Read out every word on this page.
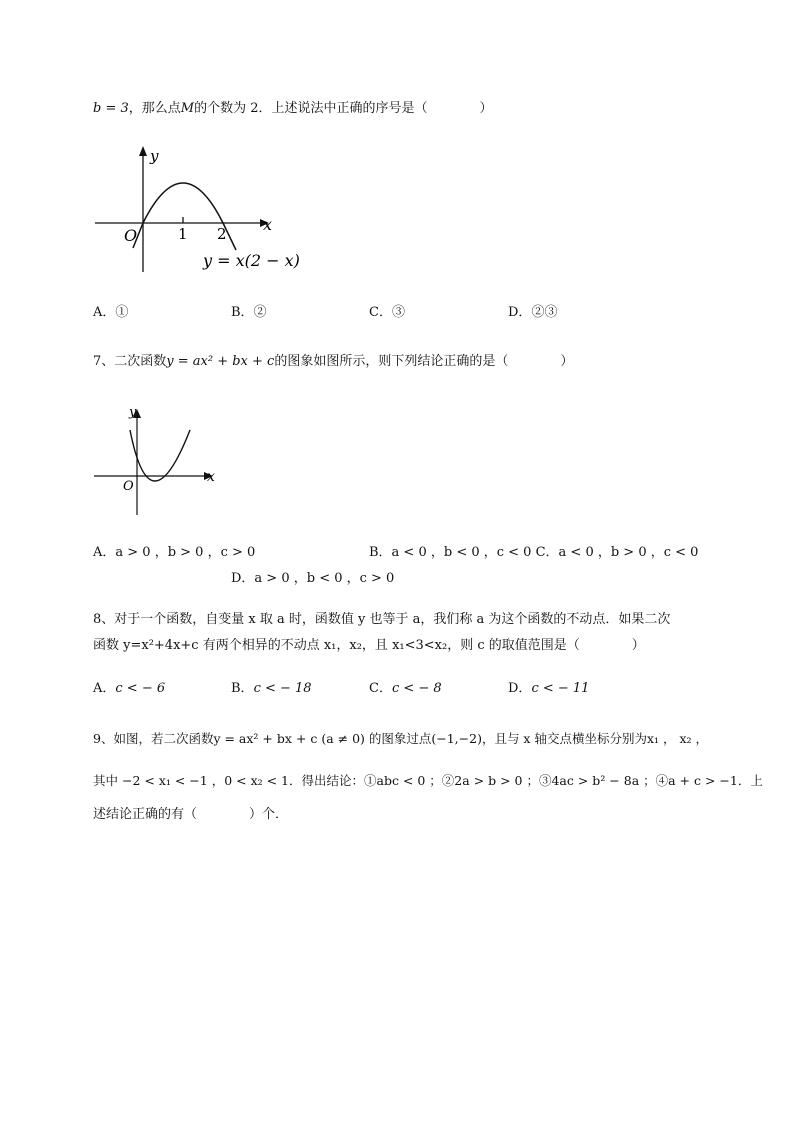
b = 3，那么点M的个数为 2．上述说法中正确的序号是（　　　　）
1 2
O
y
x
y = x(2 − x)
A．①	B．②	C．③	D．②③
7、二次函数y = ax² + bx + c的图象如图所示，则下列结论正确的是（　　　　）
y
x
O
A．a > 0 ，b > 0 ，c > 0	B．a < 0 ，b < 0 ，c < 0 C．a < 0 ，b > 0 ，c < 0
D．a > 0 ，b < 0 ，c > 0
8、对于一个函数，自变量 x 取 a 时，函数值 y 也等于 a，我们称 a 为这个函数的不动点．如果二次
函数 y=x²+4x+c 有两个相异的不动点 x₁，x₂，且 x₁<3<x₂，则 c 的取值范围是（　　　　）
A．c < − 6	B．c < − 18	C．c < − 8	D．c < − 11
9、如图，若二次函数y = ax² + bx + c (a ≠ 0) 的图象过点(−1,−2)，且与 x 轴交点横坐标分别为x₁ ， x₂ ，
其中 −2 < x₁ < −1 ，0 < x₂ < 1．得出结论：①abc < 0 ；②2a > b > 0 ；③4ac > b² − 8a ；④a + c > −1．上
述结论正确的有（　　　　）个．
